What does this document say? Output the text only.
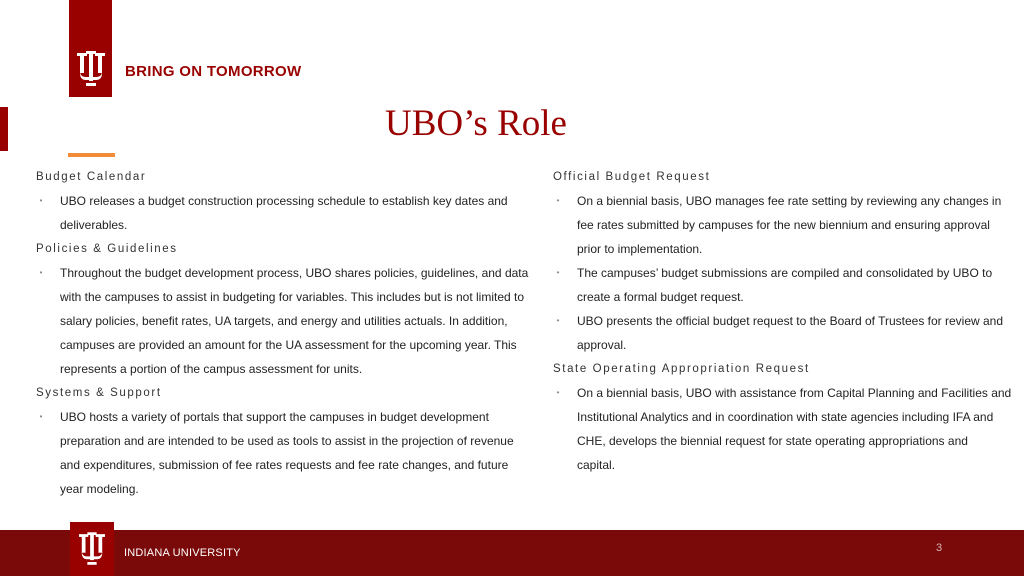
BRING ON TOMORROW
UBO’s Role
Budget Calendar
• UBO releases a budget construction processing schedule to establish key dates and
deliverables.
Policies & Guidelines
• Throughout the budget development process, UBO shares policies, guidelines, and data
with the campuses to assist in budgeting for variables. This includes but is not limited to
salary policies, benefit rates, UA targets, and energy and utilities actuals. In addition,
campuses are provided an amount for the UA assessment for the upcoming year. This
represents a portion of the campus assessment for units.
Systems & Support
• UBO hosts a variety of portals that support the campuses in budget development
preparation and are intended to be used as tools to assist in the projection of revenue
and expenditures, submission of fee rates requests and fee rate changes, and future
year modeling.
Official Budget Request
• On a biennial basis, UBO manages fee rate setting by reviewing any changes in
fee rates submitted by campuses for the new biennium and ensuring approval
prior to implementation.
• The campuses’ budget submissions are compiled and consolidated by UBO to
create a formal budget request.
• UBO presents the official budget request to the Board of Trustees for review and
approval.
State Operating Appropriation Request
• On a biennial basis, UBO with assistance from Capital Planning and Facilities and
Institutional Analytics and in coordination with state agencies including IFA and
CHE, develops the biennial request for state operating appropriations and
capital.
INDIANA UNIVERSITY	3
